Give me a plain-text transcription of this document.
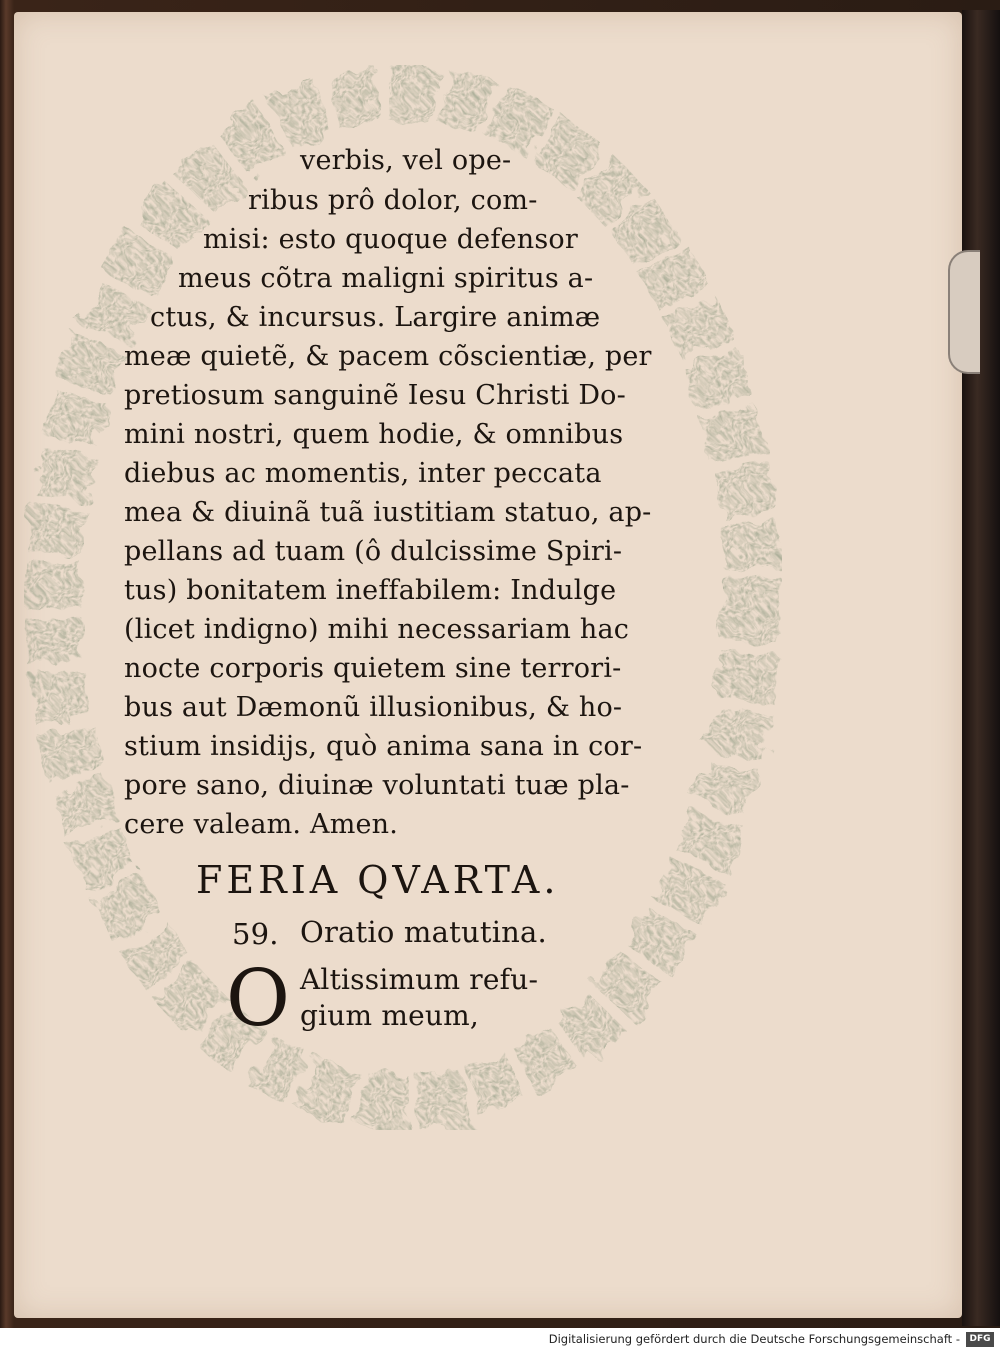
verbis, vel ope-
ribus prô dolor, com-
misi: esto quoque defensor
meus cõtra maligni spiritus a-
ctus, & incursus. Largire animæ
meæ quietẽ, & pacem cõscientiæ, per
pretiosum sanguinẽ Iesu Christi Do-
mini nostri, quem hodie, & omnibus
diebus ac momentis, inter peccata
mea & diuinã tuã iustitiam statuo, ap-
pellans ad tuam (ô dulcissime Spiri-
tus) bonitatem ineffabilem: Indulge
(licet indigno) mihi necessariam hac
nocte corporis quietem sine terrori-
bus aut Dæmonũ illusionibus, & ho-
stium insidijs, quò anima sana in cor-
pore sano, diuinæ voluntati tuæ pla-
cere valeam. Amen.
FERIA QVARTA.
59. Oratio matutina.
O Altissimum refu-
gium meum,
Digitalisierung gefördert durch die Deutsche Forschungsgemeinschaft -	DFG
